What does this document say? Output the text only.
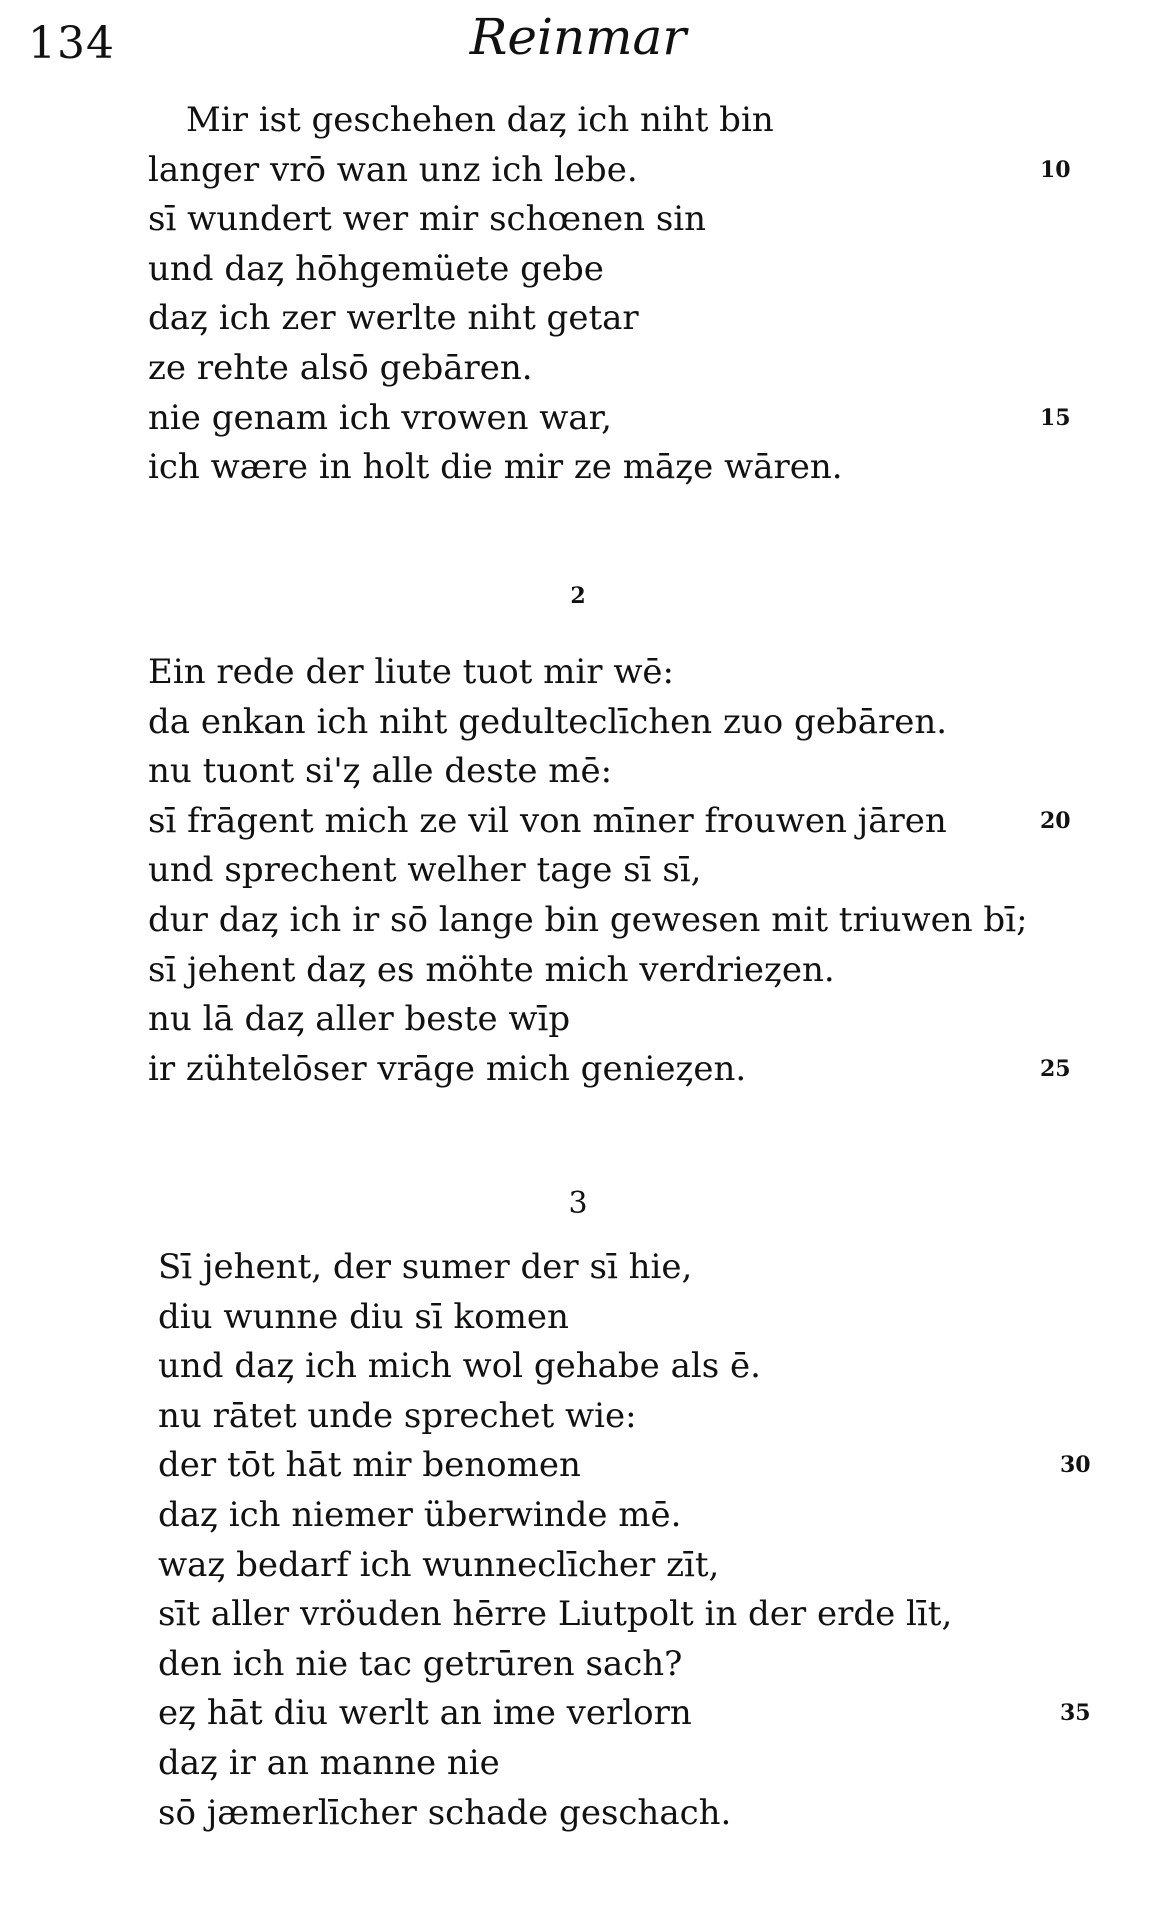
134	Reinmar
Mir ist geschehen daȥ ich niht bin
langer vrō wan unz ich lebe.	10
sī wundert wer mir schœnen sin
und daȥ hōhgemüete gebe
daȥ ich zer werlte niht getar
ze rehte alsō gebāren.
nie genam ich vrowen war,	15
ich wære in holt die mir ze māȥe wāren.
2
Ein rede der liute tuot mir wē:
da enkan ich niht gedulteclīchen zuo gebāren.
nu tuont si'ȥ alle deste mē:
sī frāgent mich ze vil von mīner frouwen jāren	20
und sprechent welher tage sī sī,
dur daȥ ich ir sō lange bin gewesen mit triuwen bī;
sī jehent daȥ es möhte mich verdrieȥen.
nu lā daȥ aller beste wīp
ir zühtelōser vrāge mich genieȥen.	25
3
Sī jehent, der sumer der sī hie,
diu wunne diu sī komen
und daȥ ich mich wol gehabe als ē.
nu rātet unde sprechet wie:
der tōt hāt mir benomen	30
daȥ ich niemer überwinde mē.
waȥ bedarf ich wunneclīcher zīt,
sīt aller vröuden hērre Liutpolt in der erde līt,
den ich nie tac getrūren sach?
eȥ hāt diu werlt an ime verlorn	35
daȥ ir an manne nie
sō jæmerlīcher schade geschach.
